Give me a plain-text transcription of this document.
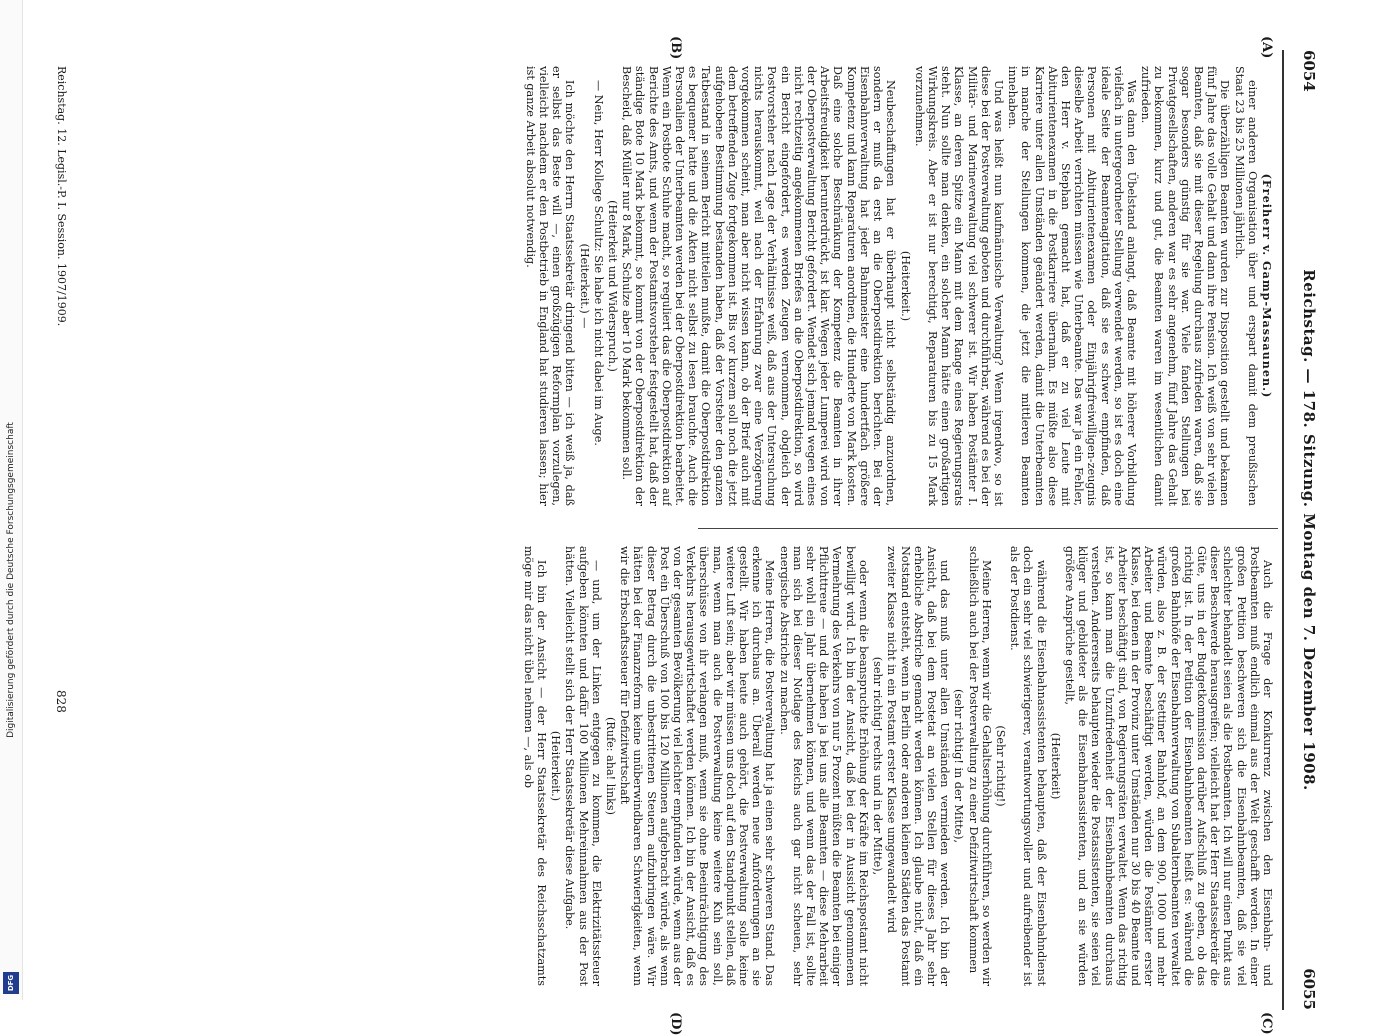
Digitalisierung gefördert durch die Deutsche Forschungsgemeinschaft
DFG
6054
Reichstag. — 178. Sitzung. Montag den 7. Dezember 1908.
6055
(A)
(B)
(C)
(D)

(Freiherr v. Gamp-Massaunen.)

einer anderen Organisation über und erspart damit dem preußischen Staat 23 bis 25 Millionen jährlich.

Die überzähligen Beamten wurden zur Disposition gestellt und bekamen fünf Jahre das volle Gehalt und dann ihre Pension. Ich weiß von sehr vielen Beamten, daß sie mit dieser Regelung durchaus zufrieden waren, daß sie sogar besonders günstig für sie war. Viele fanden Stellungen bei Privatgesellschaften, anderen war es sehr angenehm, fünf Jahre das Gehalt zu bekommen, kurz und gut, die Beamten waren im wesentlichen damit zufrieden.

Was dann den Übelstand anlangt, daß Beamte mit höherer Vorbildung vielfach in untergeordneter Stellung verwendet werden, so ist es doch eine ideale Seite der Beamtenagitation, daß sie es schwer empfinden, daß Personen mit Abiturientenexamen oder Einjährigfreiwilligen-zeugnis dieselbe Arbeit verrichten müssen wie Unterbeamte. Das war ja ein Fehler, den Herr v. Stephan gemacht hat, daß er zu viel Leute mit Abiturientenexamen in die Postkarriere übernahm. Es müßte also diese Karriere unter allen Umständen geändert werden, damit die Unterbeamten in manche der Stellungen kommen, die jetzt die mittleren Beamten innehaben.

Und was heißt nun kaufmännische Verwaltung? Wenn irgendwo, so ist diese bei der Postverwaltung geboten und durchführbar, während es bei der Militär- und Marineverwaltung viel schwerer ist. Wir haben Postämter I. Klasse, an deren Spitze ein Mann mit dem Range eines Regierungsrats steht. Nun sollte man denken, ein solcher Mann hätte einen großartigen Wirkungskreis. Aber er ist nur berechtigt, Reparaturen bis zu 15 Mark vorzunehmen.

(Heiterkeit.)

Neubeschaffungen hat er überhaupt nicht selbständig anzuordnen, sondern er muß da erst an die Oberpostdirektion berichten. Bei der Eisenbahnverwaltung hat jeder Bahnmeister eine hundertfach größere Kompetenz und kann Reparaturen anordnen, die Hunderte von Mark kosten. Daß eine solche Beschränkung der Kompetenz die Beamten in ihrer Arbeitsfreudigkeit herunterdrückt, ist klar. Wegen jeder Lumperei wird von der Oberpostverwaltung Bericht gefordert. Wendet sich jemand wegen eines nicht rechtzeitig angekommenen Briefes an die Oberpostdirektion, so wird ein Bericht eingefordert, es werden Zeugen vernommen, obgleich der Postvorsteher nach Lage der Verhältnisse weiß, daß aus der Untersuchung nichts herauskommt, weil nach der Erfahrung zwar eine Verzögerung vorgekommen scheint, man aber nicht wissen kann, ob der Brief auch mit dem betreffenden Zuge fortgekommen ist. Bis vor kurzem soll noch die jetzt aufgehobene Bestimmung bestanden haben, daß der Vorsteher den ganzen Tatbestand in seinem Bericht mitteilen mußte, damit die Oberpostdirektion es bequemer hatte und die Akten nicht selbst zu lesen brauchte. Auch die Personalien der Unterbeamten werden bei der Oberpostdirektion bearbeitet. Wenn ein Postbote Schuhe macht, so reguliert das die Oberpostdirektion auf Berichte des Amts, und wenn der Postamtsvorsteher festgestellt hat, daß der ständige Bote 10 Mark bekommt, so kommt von der Oberpostdirektion der Bescheid, daß Müller nur 8 Mark, Schulze aber 10 Mark bekommen soll.

(Heiterkeit und Widerspruch.)

— Nein, Herr Kollege Schultz: Sie habe ich nicht dabei im Auge.

(Heiterkeit.) —

Ich möchte den Herrn Staatssekretär dringend bitten — ich weiß ja, daß er selbst das Beste will —, einen großzügigen Reformplan vorzulegen, vielleicht nachdem er den Postbetrieb in England hat studieren lassen; hier ist ganze Arbeit absolut notwendig.

Auch die Frage der Konkurrenz zwischen den Eisenbahn- und Postbeamten muß endlich einmal aus der Welt geschafft werden. In einer großen Petition beschweren sich die Eisenbahnbeamten, daß sie viel schlechter behandelt seien als die Postbeamten. Ich will nur einen Punkt aus dieser Beschwerde herausgreifen; vielleicht hat der Herr Staatssekretär die Güte, uns in der Budgetkommission darüber Aufschluß zu geben, ob das richtig ist. In der Petition der Eisenbahnbeamten heißt es: während die großen Bahnhöfe der Eisenbahnverwaltung von Subalternbeamten verwaltet würden, also z. B. der Stettiner Bahnhof, an dem 900, 1000 und mehr Arbeiter und Beamte beschäftigt werden, würden die Postämter erster Klasse, bei denen in der Provinz unter Umständen nur 30 bis 40 Beamte und Arbeiter beschäftigt sind, von Regierungsräten verwaltet. Wenn das richtig ist, so kann man die Unzufriedenheit der Eisenbahnbeamten durchaus verstehen. Andererseits behaupten wieder die Postassistenten, sie seien viel klüger und gebildeter als die Eisenbahnassistenten, und an sie würden größere Ansprüche gestellt,

(Heiterkeit)

während die Eisenbahnassistenten behaupten, daß der Eisenbahndienst doch ein sehr viel schwierigerer, verantwortungsvoller und aufreibender ist als der Postdienst.

(Sehr richtig!)

Meine Herren, wenn wir die Gehaltserhöhung durchführen, so werden wir schließlich auch bei der Postverwaltung zu einer Defizitwirtschaft kommen

(sehr richtig! in der Mitte),

und das muß unter allen Umständen vermieden werden. Ich bin der Ansicht, daß bei dem Postetat an vielen Stellen für dieses Jahr sehr erhebliche Abstriche gemacht werden können. Ich glaube nicht, daß ein Notstand entsteht, wenn in Berlin oder anderen kleinen Städten das Postamt zweiter Klasse nicht in ein Postamt erster Klasse umgewandelt wird

(sehr richtig! rechts und in der Mitte),

oder wenn die beanspruchte Erhöhung der Kräfte im Reichspostamt nicht bewilligt wird. Ich bin der Ansicht, daß bei der in Aussicht genommenen Vermehrung des Verkehrs von nur 5 Prozent müßten die Beamten bei einiger Pflichttreue — und die haben ja bei uns alle Beamten — diese Mehrarbeit sehr wohl ein Jahr übernehmen können, und wenn das der Fall ist, sollte man sich bei dieser Notlage des Reichs auch gar nicht scheuen, sehr energische Abstriche zu machen.

Meine Herren, die Postverwaltung hat ja einen sehr schweren Stand. Das erkenne ich durchaus an. Überall werden neue Anforderungen an sie gestellt. Wir haben heute auch gehört, die Postverwaltung solle keine weitere Luft sein; aber wir müssen uns doch auf den Standpunkt stellen, daß man, wenn man auch die Postverwaltung keine weitere Kuh sein soll, überschüsse von ihr verlangen muß, wenn sie ohne Beeinträchtigung des Verkehrs herausgewirtschaftet werden können. Ich bin der Ansicht, daß es von der gesamten Bevölkerung viel leichter empfunden würde, wenn aus der Post ein Überschuß von 100 bis 120 Millionen aufgebracht würde, als wenn dieser Betrag durch die unbestrittenen Steuern aufzubringen wäre. Wir hätten bei der Finanzreform keine unüberwindbaren Schwierigkeiten, wenn wir die Erbschaftssteuer für Defizitwirtschaft

(Rufe: aha! links)

— und, um der Linken entgegen zu kommen, die Elektrizitätssteuer aufgeben könnten und dafür 100 Millionen Mehreinnahmen aus der Post hätten. Vielleicht stellt sich der Herr Staatssekretär diese Aufgabe.

(Heiterkeit.)

Ich bin der Ansicht — der Herr Staatssekretär des Reichsschatzamts möge mir das nicht übel nehmen —, als ob

Reichstag. 12. Legisl.-P. I. Session. 1907/1909.
828
